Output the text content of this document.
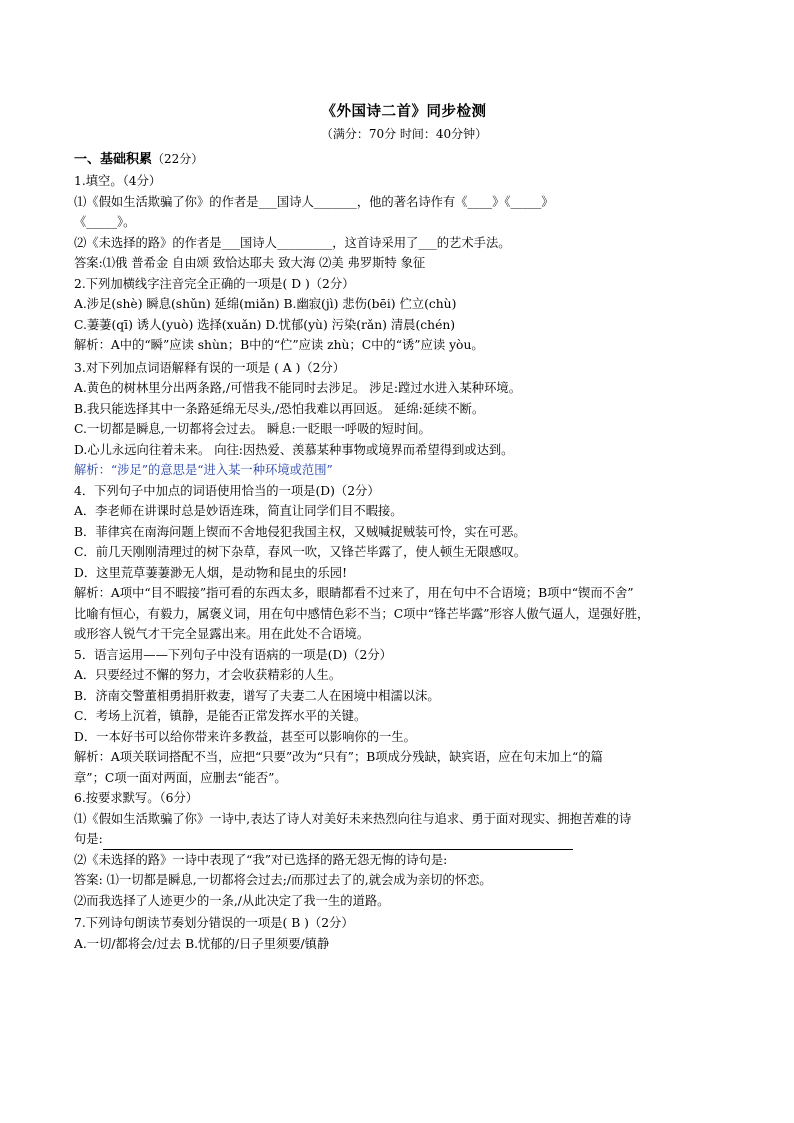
《外国诗二首》同步检测

（满分：70分 时间：40分钟）

一、基础积累（22分）

1.填空。（4分）

⑴《假如生活欺骗了你》的作者是___国诗人_______，他的著名诗作有《____》《_____》

《_____》。

⑵《未选择的路》的作者是___国诗人_________，这首诗采用了___的艺术手法。

答案:⑴俄 普希金 自由颂 致恰达耶夫 致大海 ⑵美 弗罗斯特 象征

2.下列加横线字注音完全正确的一项是( D )（2分）

A.涉足(shè) 瞬息(shǔn) 延绵(miǎn) B.幽寂(jì) 悲伤(bēi) 伫立(chù)

C.萋萋(qī) 诱人(yuò) 选择(xuǎn) D.忧郁(yù) 污染(rǎn) 清晨(chén)

解析：A中的“瞬”应读 shùn；B中的“伫”应读 zhù；C中的“诱”应读 yòu。

3.对下列加点词语解释有误的一项是 ( A )（2分）

A.黄色的树林里分出两条路,/可惜我不能同时去涉足。 涉足:蹚过水进入某种环境。

B.我只能选择其中一条路延绵无尽头,/恐怕我难以再回返。 延绵:延续不断。

C.一切都是瞬息,一切都将会过去。 瞬息:一眨眼一呼吸的短时间。

D.心儿永远向往着未来。 向往:因热爱、羡慕某种事物或境界而希望得到或达到。

解析：“涉足”的意思是“进入某一种环境或范围”

4．下列句子中加点的词语使用恰当的一项是(D)（2分）

A．李老师在讲课时总是妙语连珠，简直让同学们目不暇接。

B．菲律宾在南海问题上锲而不舍地侵犯我国主权，又贼喊捉贼装可怜，实在可恶。

C．前几天刚刚清理过的树下杂草，春风一吹，又锋芒毕露了，使人顿生无限感叹。

D．这里荒草萋萋渺无人烟，是动物和昆虫的乐园!

解析：A项中“目不暇接”指可看的东西太多，眼睛都看不过来了，用在句中不合语境；B项中“锲而不舍”

比喻有恒心，有毅力，属褒义词，用在句中感情色彩不当；C项中“锋芒毕露”形容人傲气逼人，逞强好胜，

或形容人锐气才干完全显露出来。用在此处不合语境。

5．语言运用——下列句子中没有语病的一项是(D)（2分）

A．只要经过不懈的努力，才会收获精彩的人生。

B．济南交警董相勇捐肝救妻，谱写了夫妻二人在困境中相濡以沫。

C．考场上沉着，镇静，是能否正常发挥水平的关键。

D．一本好书可以给你带来许多教益，甚至可以影响你的一生。

解析：A项关联词搭配不当，应把“只要”改为“只有”；B项成分残缺，缺宾语，应在句末加上“的篇

章”；C项一面对两面，应删去“能否”。

6.按要求默写。（6分）

⑴《假如生活欺骗了你》一诗中,表达了诗人对美好未来热烈向往与追求、勇于面对现实、拥抱苦难的诗

句是:

⑵《未选择的路》一诗中表现了“我”对已选择的路无怨无悔的诗句是:

答案: ⑴一切都是瞬息,一切都将会过去;/而那过去了的,就会成为亲切的怀恋。

⑵而我选择了人迹更少的一条,/从此决定了我一生的道路。

7.下列诗句朗读节奏划分错误的一项是( B )（2分）

A.一切/都将会/过去 B.忧郁的/日子里须要/镇静
